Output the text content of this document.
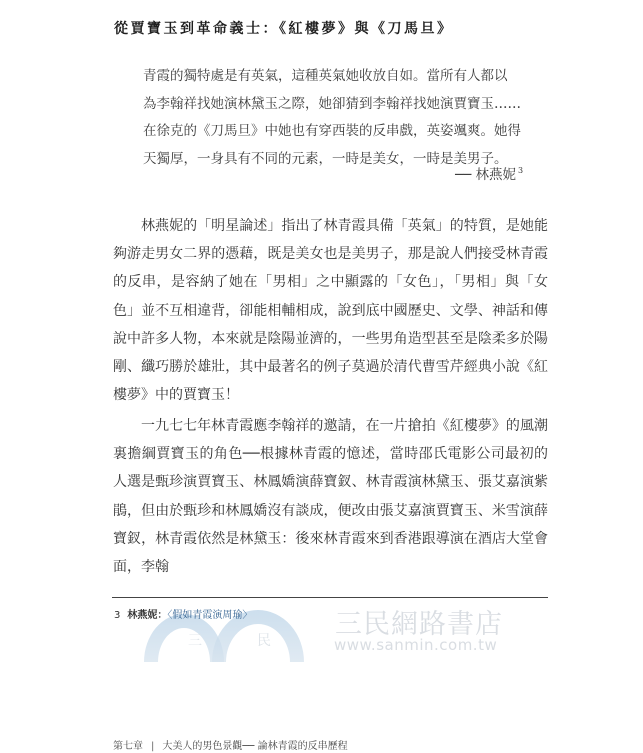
從賈寶玉到革命義士：《紅樓夢》與《刀馬旦》

青霞的獨特處是有英氣，這種英氣她收放自如。當所有人都以

為李翰祥找她演林黛玉之際，她卻猜到李翰祥找她演賈寶玉……

在徐克的《刀馬旦》中她也有穿西裝的反串戲，英姿颯爽。她得

天獨厚，一身具有不同的元素，一時是美女，一時是美男子。

── 林燕妮 $^3$

林燕妮的「明星論述」指出了林青霞具備「英氣」的特質，是她能夠游走男女二界的憑藉，既是美女也是美男子，那是說人們接受林青霞的反串，是容納了她在「男相」之中顯露的「女色」，「男相」與「女色」並不互相違背，卻能相輔相成，說到底中國歷史、文學、神話和傳說中許多人物，本來就是陰陽並濟的，一些男角造型甚至是陰柔多於陽剛、纖巧勝於雄壯，其中最著名的例子莫過於清代曹雪芹經典小說《紅樓夢》中的賈寶玉！

一九七七年林青霞應李翰祥的邀請，在一片搶拍《紅樓夢》的風潮裏擔綱賈寶玉的角色──根據林青霞的憶述，當時邵氏電影公司最初的人選是甄珍演賈寶玉、林鳳嬌演薛寶釵、林青霞演林黛玉、張艾嘉演紫鵑，但由於甄珍和林鳳嬌沒有談成，便改由張艾嘉演賈寶玉、米雪演薛寶釵，林青霞依然是林黛玉：後來林青霞來到香港跟導演在酒店大堂會面，李翰

三	民
三民網路書店
www.sanmin.com.tw
3 林燕妮：〈假如青霞演周瑜〉
第七章 | 大美人的男色景觀── 論林青霞的反串歷程
